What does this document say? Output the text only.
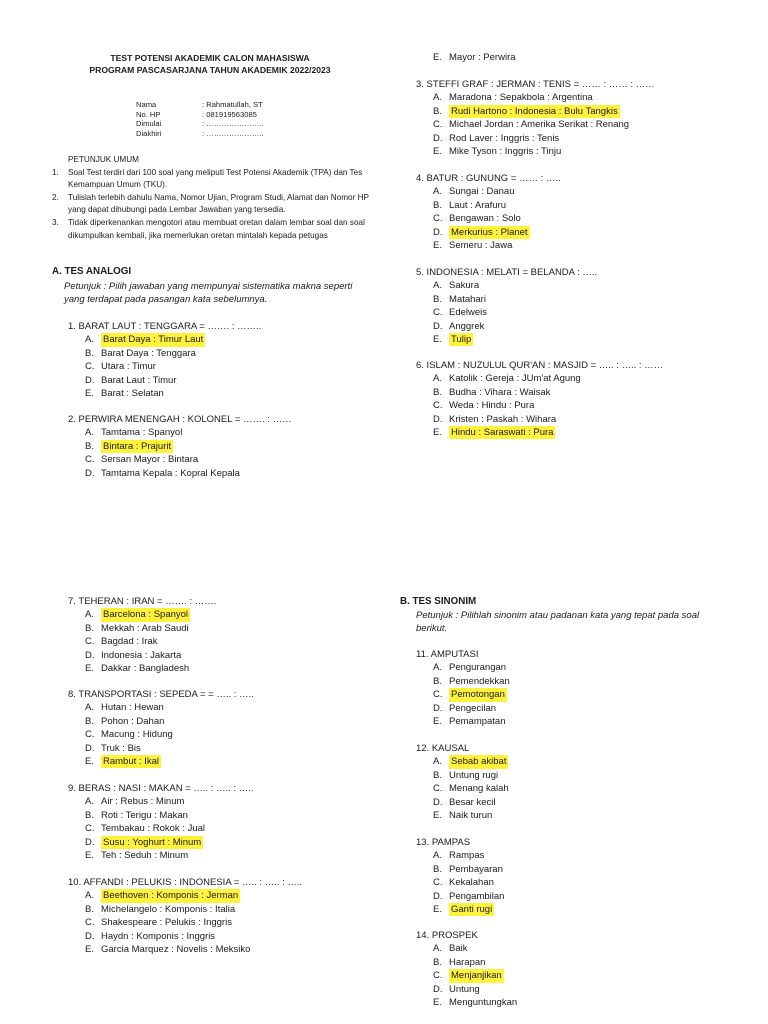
TEST POTENSI AKADEMIK CALON MAHASISWA
PROGRAM PASCASARJANA TAHUN AKADEMIK 2022/2023
Nama	: Rahmatullah, ST
No. HP	: 081919563085
Dimulai	: …………………..
Diakhiri	: …………………..
PETUNJUK UMUM
1.	Soal Test terdiri dari 100 soal yang meliputi Test Potensi Akademik (TPA) dan Tes Kemampuan Umum (TKU).
2.	Tulislah terlebih dahulu Nama, Nomor Ujian, Program Studi, Alamat dan Nomor HP yang dapat dihubungi pada Lembar Jawaban yang tersedia.
3.	Tidak diperkenankan mengotori atau membuat oretan dalam lembar soal dan soal dikumpulkan kembali, jika memerlukan oretan mintalah kepada petugas
A. TES ANALOGI
Petunjuk : Pilih jawaban yang mempunyai sistematika makna seperti yang terdapat pada pasangan kata sebelumnya.
1. BARAT LAUT : TENGGARA = ……. : ……..
A. Barat Daya : Timur Laut
B. Barat Daya : Tenggara
C. Utara : Timur
D. Barat Laut : Timur
E. Barat : Selatan
2. PERWIRA MENENGAH : KOLONEL = ……. : ……
A. Tamtama : Spanyol
B. Bintara : Prajurit
C. Sersan Mayor : Bintara
D. Tamtama Kepala : Kopral Kepala
E. Mayor : Perwira
3. STEFFI GRAF : JERMAN : TENIS = …… : …… : ……
A. Maradona : Sepakbola : Argentina
B. Rudi Hartono : Indonesia : Bulu Tangkis
C. Michael Jordan : Amerika Serikat : Renang
D. Rod Laver : Inggris : Tenis
E. Mike Tyson : Inggris : Tinju
4. BATUR : GUNUNG = …… : …..
A. Sungai : Danau
B. Laut : Arafuru
C. Bengawan : Solo
D. Merkurius : Planet
E. Semeru : Jawa
5. INDONESIA : MELATI = BELANDA : …..
A. Sakura
B. Matahari
C. Edelweis
D. Anggrek
E. Tulip
6. ISLAM : NUZULUL QUR'AN : MASJID = ….. : ….. : ……
A. Katolik : Gereja : JUm'at Agung
B. Budha : Vihara : Waisak
C. Weda : Hindu : Pura
D. Kristen : Paskah : Wihara
E. Hindu : Saraswati : Pura
7. TEHERAN : IRAN = ……. : …….
A. Barcelona : Spanyol
B. Mekkah : Arab Saudi
C. Bagdad : Irak
D. Indonesia : Jakarta
E. Dakkar : Bangladesh
8. TRANSPORTASI : SEPEDA = = ….. : …..
A. Hutan : Hewan
B. Pohon : Dahan
C. Macung : Hidung
D. Truk : Bis
E. Rambut : Ikal
9. BERAS : NASI : MAKAN = ….. : ….. : …..
A. Air : Rebus : Minum
B. Roti : Terigu : Makan
C. Tembakau : Rokok : Jual
D. Susu : Yoghurt : Minum
E. Teh : Seduh : Minum
10. AFFANDI : PELUKIS : INDONESIA = ….. : ….. : …..
A. Beethoven : Komponis : Jerman
B. Michelangelo : Komponis : Italia
C. Shakespeare : Pelukis : Inggris
D. Haydn : Komponis : Inggris
E. Garcia Marquez : Novelis : Meksiko
B. TES SINONIM
Petunjuk : Pilihlah sinonim atau padanan kata yang tepat pada soal berikut.
11. AMPUTASI
A. Pengurangan
B. Pemendekkan
C. Pemotongan
D. Pengecilan
E. Pemampatan
12. KAUSAL
A. Sebab akibat
B. Untung rugi
C. Menang kalah
D. Besar kecil
E. Naik turun
13. PAMPAS
A. Rampas
B. Pembayaran
C. Kekalahan
D. Pengambilan
E. Ganti rugi
14. PROSPEK
A. Baik
B. Harapan
C. Menjanjikan
D. Untung
E. Menguntungkan
